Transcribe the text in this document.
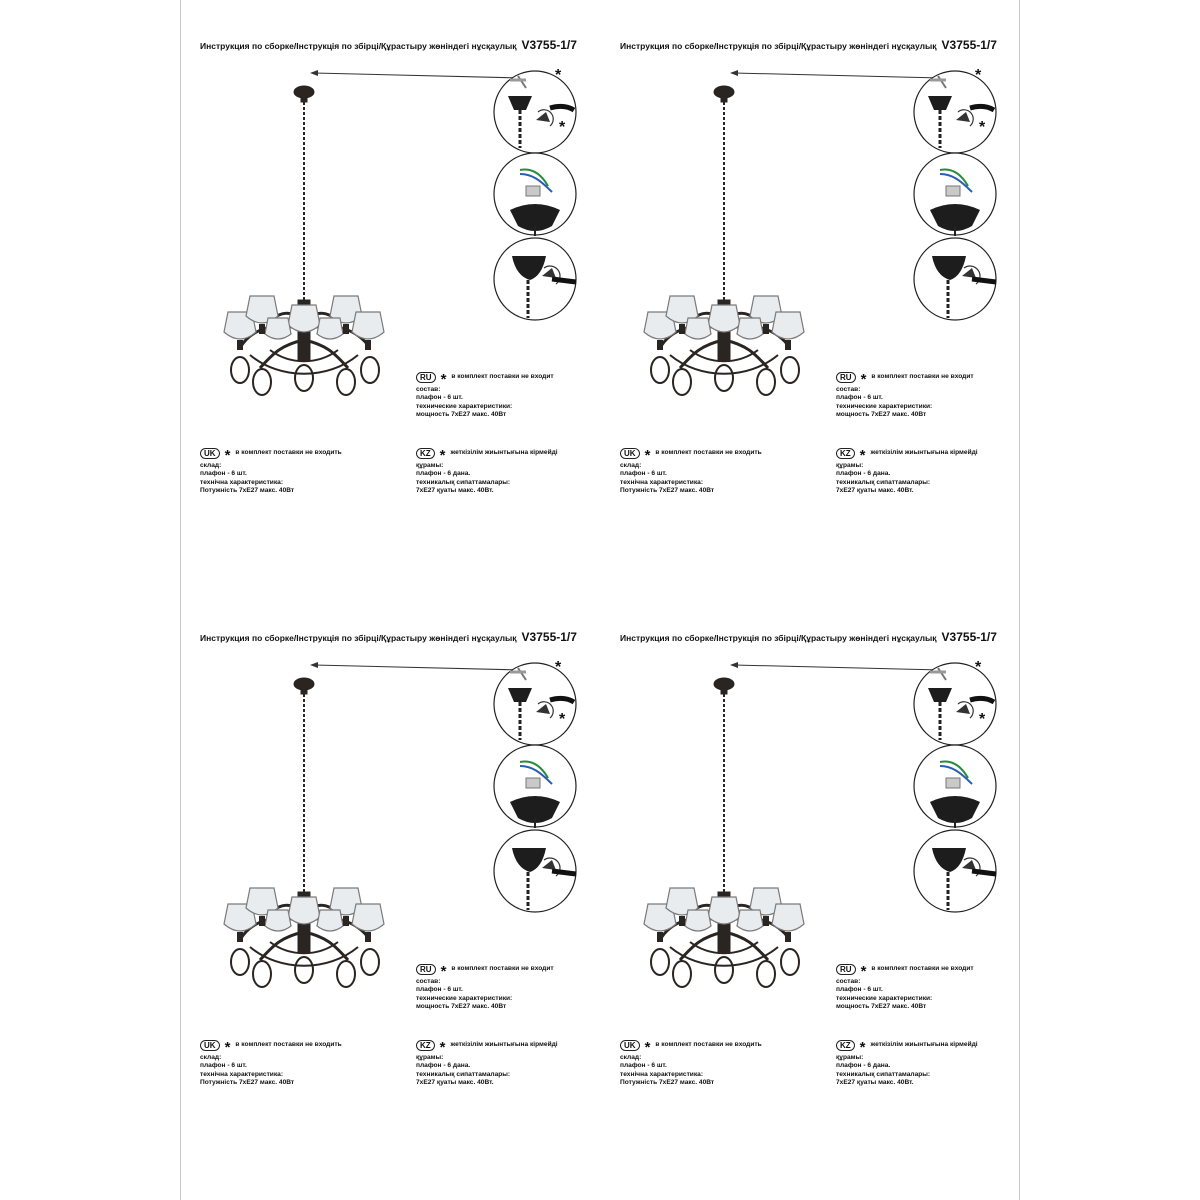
Инструкция по сборке/Інструкція по збірці/Құрастыру жөніндегі нұсқаулық V3755-1/7
*
*
RU * в комплект поставки не входит
состав:
плафон - 6 шт.
технические характеристики:
мощность 7хE27 макс. 40Вт
UK * в комплект поставки не входить
склад:
плафон - 6 шт.
технічна характеристика:
Потужність 7хE27 макс. 40Вт
KZ * жеткізілім жиынтығына кірмейді
құрамы:
плафон - 6 дана.
техникалық сипаттамалары:
7хE27 қуаты макс. 40Вт.
Инструкция по сборке/Інструкція по збірці/Құрастыру жөніндегі нұсқаулық V3755-1/7
*
*
RU * в комплект поставки не входит
состав:
плафон - 6 шт.
технические характеристики:
мощность 7хE27 макс. 40Вт
UK * в комплект поставки не входить
склад:
плафон - 6 шт.
технічна характеристика:
Потужність 7хE27 макс. 40Вт
KZ * жеткізілім жиынтығына кірмейді
құрамы:
плафон - 6 дана.
техникалық сипаттамалары:
7хE27 қуаты макс. 40Вт.
Инструкция по сборке/Інструкція по збірці/Құрастыру жөніндегі нұсқаулық V3755-1/7
*
*
RU * в комплект поставки не входит
состав:
плафон - 6 шт.
технические характеристики:
мощность 7хE27 макс. 40Вт
UK * в комплект поставки не входить
склад:
плафон - 6 шт.
технічна характеристика:
Потужність 7хE27 макс. 40Вт
KZ * жеткізілім жиынтығына кірмейді
құрамы:
плафон - 6 дана.
техникалық сипаттамалары:
7хE27 қуаты макс. 40Вт.
Инструкция по сборке/Інструкція по збірці/Құрастыру жөніндегі нұсқаулық V3755-1/7
*
*
RU * в комплект поставки не входит
состав:
плафон - 6 шт.
технические характеристики:
мощность 7хE27 макс. 40Вт
UK * в комплект поставки не входить
склад:
плафон - 6 шт.
технічна характеристика:
Потужність 7хE27 макс. 40Вт
KZ * жеткізілім жиынтығына кірмейді
құрамы:
плафон - 6 дана.
техникалық сипаттамалары:
7хE27 қуаты макс. 40Вт.
